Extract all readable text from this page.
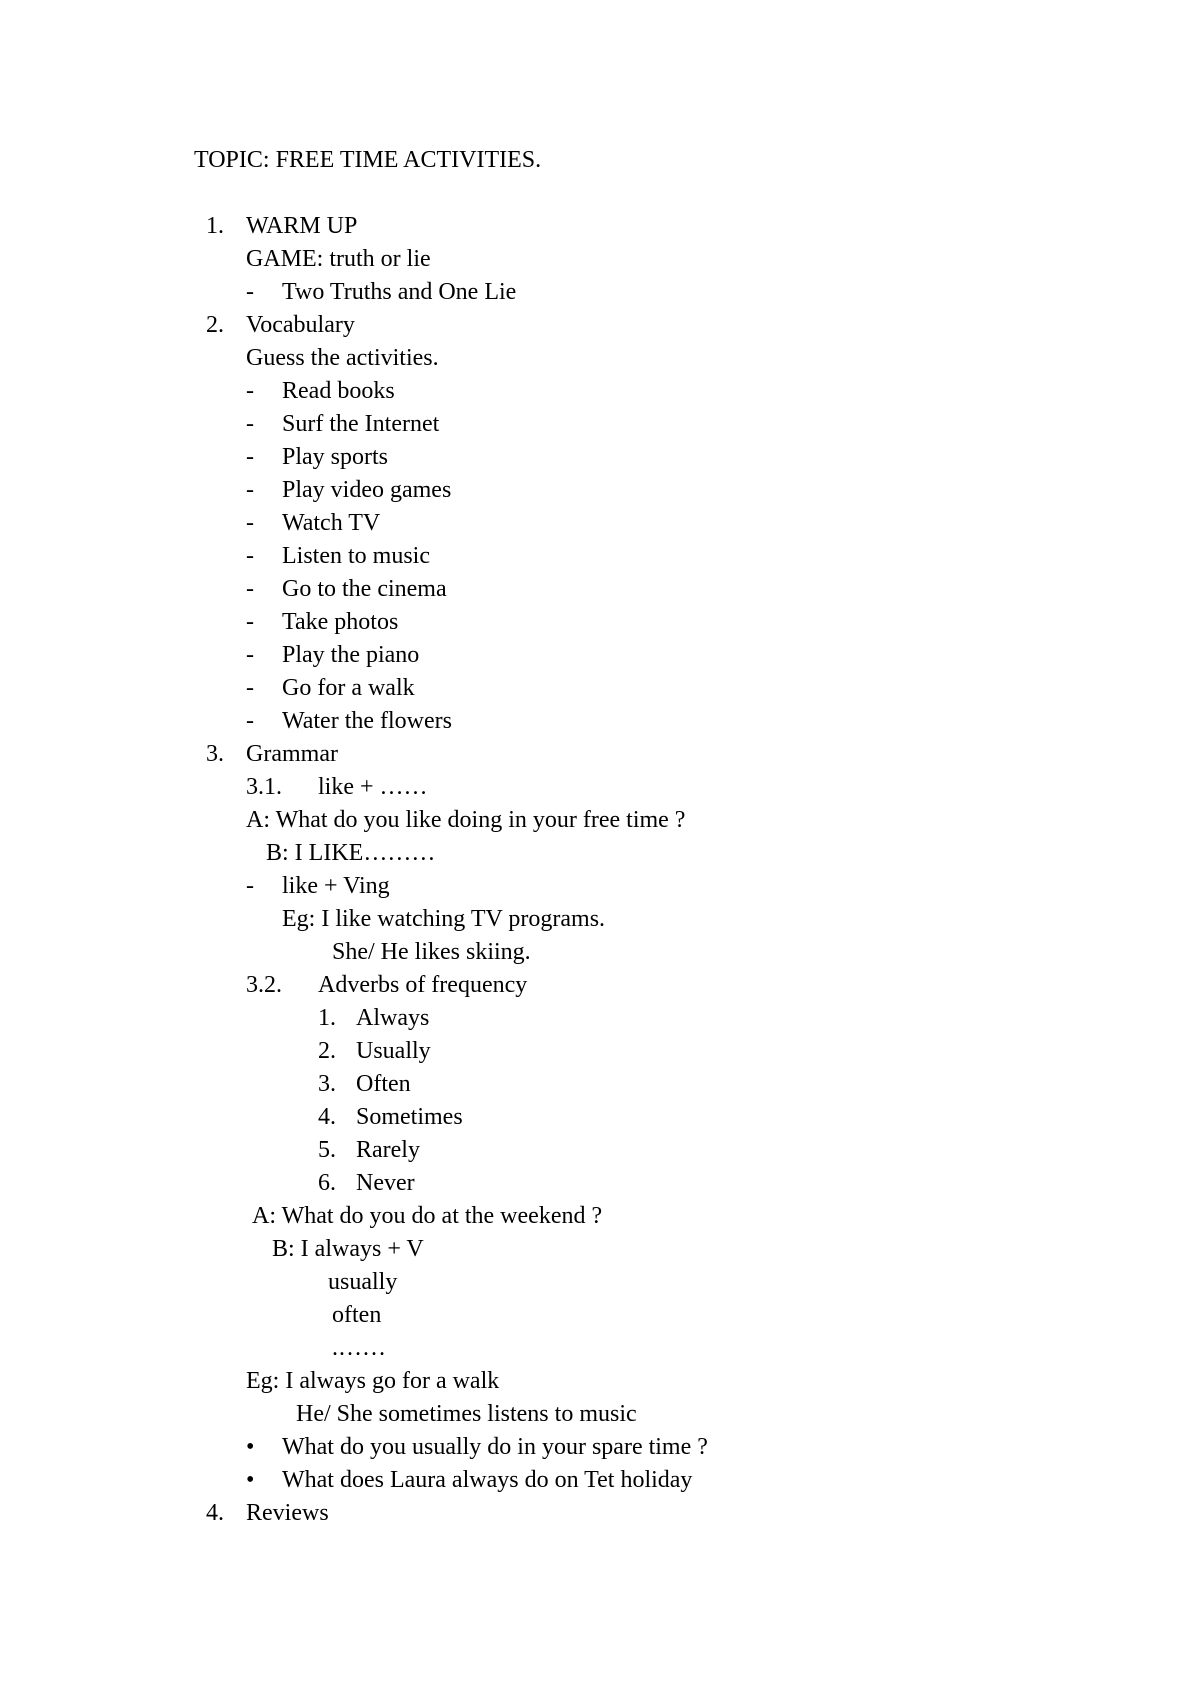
TOPIC: FREE TIME ACTIVITIES.
1. WARM UP
GAME: truth or lie
- Two Truths and One Lie
2. Vocabulary
Guess the activities.
- Read books
- Surf the Internet
- Play sports
- Play video games
- Watch TV
- Listen to music
- Go to the cinema
- Take photos
- Play the piano
- Go for a walk
- Water the flowers
3. Grammar
3.1. like + ……
A: What do you like doing in your free time ?
B: I LIKE………
- like + Ving
Eg: I like watching TV programs.
She/ He likes skiing.
3.2. Adverbs of frequency
1. Always
2. Usually
3. Often
4. Sometimes
5. Rarely
6. Never
A: What do you do at the weekend ?
B: I always + V
usually
often
.……
Eg: I always go for a walk
He/ She sometimes listens to music
• What do you usually do in your spare time ?
• What does Laura always do on Tet holiday
4. Reviews
